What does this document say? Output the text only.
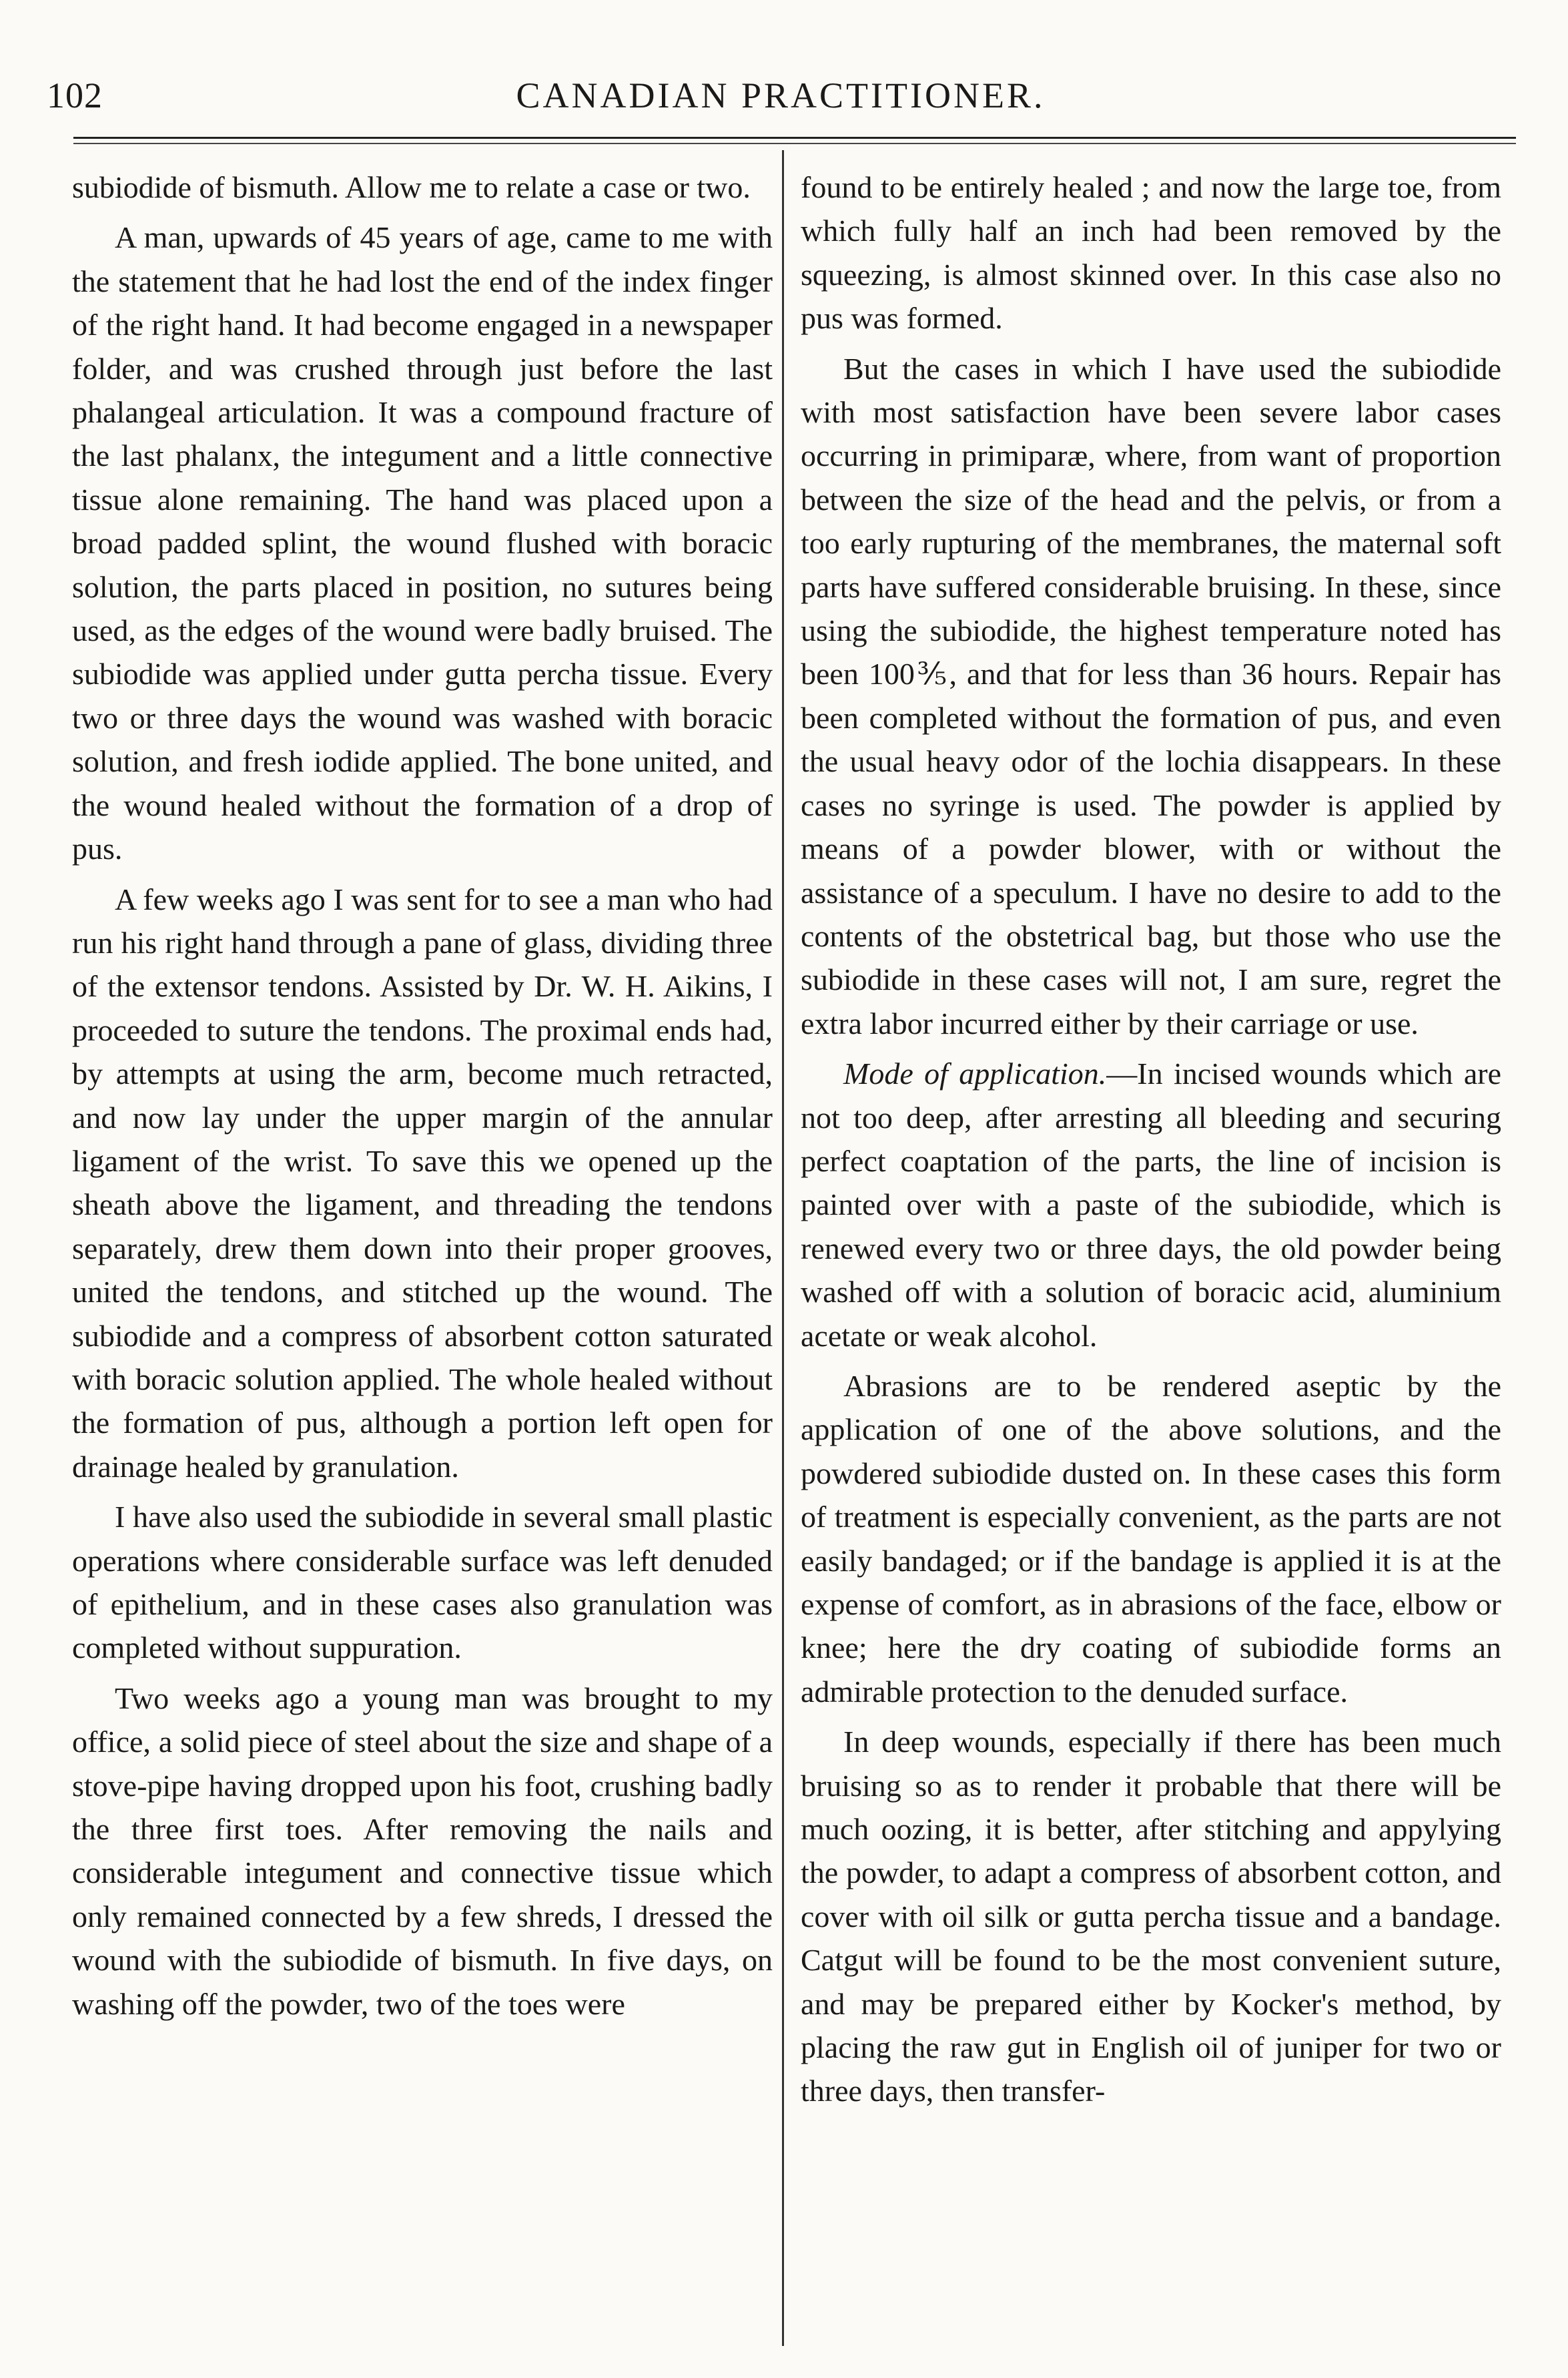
102	CANADIAN PRACTITIONER.

subiodide of bismuth. Allow me to relate a case or two.

A man, upwards of 45 years of age, came to me with the statement that he had lost the end of the index finger of the right hand. It had become engaged in a newspaper folder, and was crushed through just before the last phalangeal articulation. It was a compound fracture of the last phalanx, the integument and a little connective tissue alone remaining. The hand was placed upon a broad padded splint, the wound flushed with boracic solution, the parts placed in position, no sutures being used, as the edges of the wound were badly bruised. The subiodide was applied under gutta percha tissue. Every two or three days the wound was washed with boracic solution, and fresh iodide applied. The bone united, and the wound healed without the formation of a drop of pus.

A few weeks ago I was sent for to see a man who had run his right hand through a pane of glass, dividing three of the extensor tendons. Assisted by Dr. W. H. Aikins, I proceeded to suture the tendons. The proximal ends had, by attempts at using the arm, become much retracted, and now lay under the upper margin of the annular ligament of the wrist. To save this we opened up the sheath above the ligament, and threading the tendons separately, drew them down into their proper grooves, united the tendons, and stitched up the wound. The subiodide and a compress of absorbent cotton saturated with boracic solution applied. The whole healed without the formation of pus, although a portion left open for drainage healed by granulation.

I have also used the subiodide in several small plastic operations where considerable surface was left denuded of epithelium, and in these cases also granulation was completed without suppuration.

Two weeks ago a young man was brought to my office, a solid piece of steel about the size and shape of a stove-pipe having dropped upon his foot, crushing badly the three first toes. After removing the nails and considerable integument and connective tissue which only remained connected by a few shreds, I dressed the wound with the subiodide of bismuth. In five days, on washing off the powder, two of the toes were

found to be entirely healed ; and now the large toe, from which fully half an inch had been removed by the squeezing, is almost skinned over. In this case also no pus was formed.

But the cases in which I have used the subiodide with most satisfaction have been severe labor cases occurring in primiparæ, where, from want of proportion between the size of the head and the pelvis, or from a too early rupturing of the membranes, the maternal soft parts have suffered considerable bruising. In these, since using the subiodide, the highest temperature noted has been 100⅗, and that for less than 36 hours. Repair has been completed without the formation of pus, and even the usual heavy odor of the lochia disappears. In these cases no syringe is used. The powder is applied by means of a powder blower, with or without the assistance of a speculum. I have no desire to add to the contents of the obstetrical bag, but those who use the subiodide in these cases will not, I am sure, regret the extra labor incurred either by their carriage or use.

Mode of application.—In incised wounds which are not too deep, after arresting all bleeding and securing perfect coaptation of the parts, the line of incision is painted over with a paste of the subiodide, which is renewed every two or three days, the old powder being washed off with a solution of boracic acid, aluminium acetate or weak alcohol.

Abrasions are to be rendered aseptic by the application of one of the above solutions, and the powdered subiodide dusted on. In these cases this form of treatment is especially convenient, as the parts are not easily bandaged; or if the bandage is applied it is at the expense of comfort, as in abrasions of the face, elbow or knee; here the dry coating of subiodide forms an admirable protection to the denuded surface.

In deep wounds, especially if there has been much bruising so as to render it probable that there will be much oozing, it is better, after stitching and appylying the powder, to adapt a compress of absorbent cotton, and cover with oil silk or gutta percha tissue and a bandage. Catgut will be found to be the most convenient suture, and may be prepared either by Kocker's method, by placing the raw gut in English oil of juniper for two or three days, then transfer-
